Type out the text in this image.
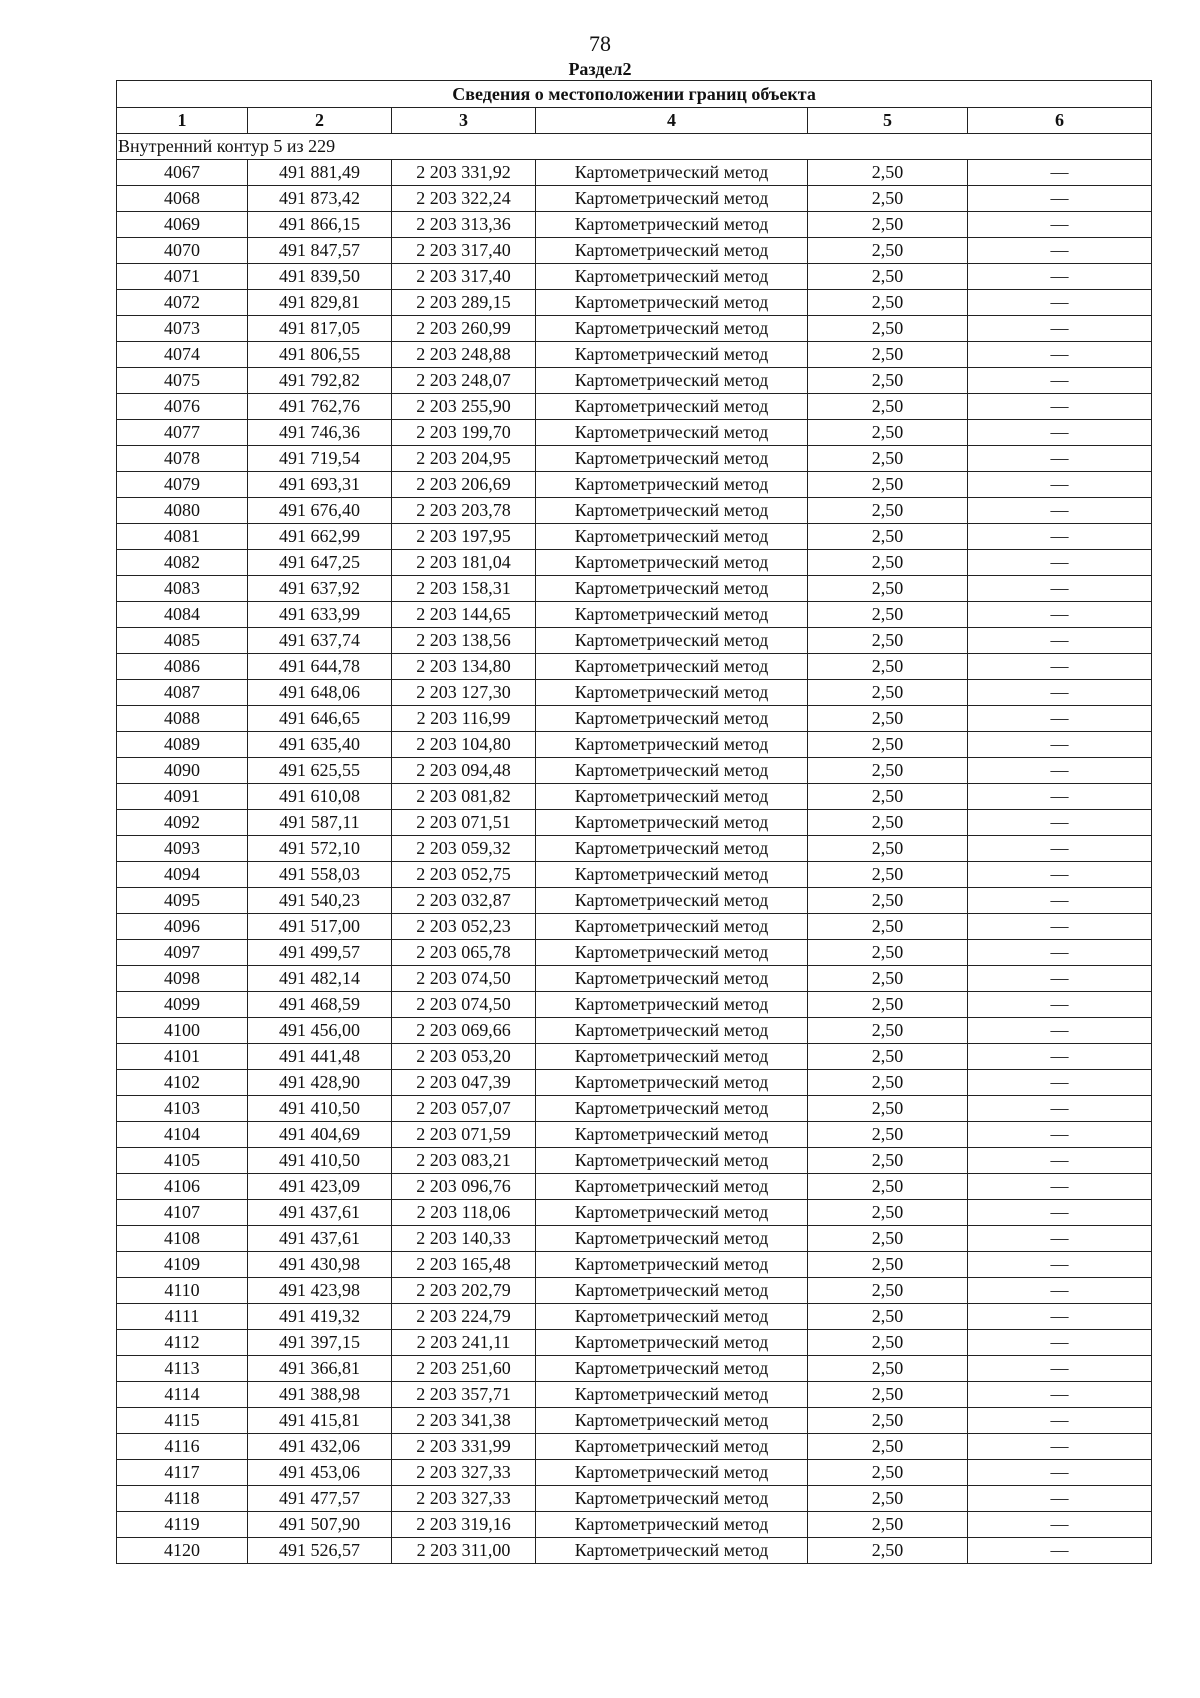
78
Раздел2
Сведения о местоположении границ объекта					
1	2	3	4	5	6
Внутренний контур 5 из 229					
4067	491 881,49	2 203 331,92	Картометрический метод	2,50	—
4068	491 873,42	2 203 322,24	Картометрический метод	2,50	—
4069	491 866,15	2 203 313,36	Картометрический метод	2,50	—
4070	491 847,57	2 203 317,40	Картометрический метод	2,50	—
4071	491 839,50	2 203 317,40	Картометрический метод	2,50	—
4072	491 829,81	2 203 289,15	Картометрический метод	2,50	—
4073	491 817,05	2 203 260,99	Картометрический метод	2,50	—
4074	491 806,55	2 203 248,88	Картометрический метод	2,50	—
4075	491 792,82	2 203 248,07	Картометрический метод	2,50	—
4076	491 762,76	2 203 255,90	Картометрический метод	2,50	—
4077	491 746,36	2 203 199,70	Картометрический метод	2,50	—
4078	491 719,54	2 203 204,95	Картометрический метод	2,50	—
4079	491 693,31	2 203 206,69	Картометрический метод	2,50	—
4080	491 676,40	2 203 203,78	Картометрический метод	2,50	—
4081	491 662,99	2 203 197,95	Картометрический метод	2,50	—
4082	491 647,25	2 203 181,04	Картометрический метод	2,50	—
4083	491 637,92	2 203 158,31	Картометрический метод	2,50	—
4084	491 633,99	2 203 144,65	Картометрический метод	2,50	—
4085	491 637,74	2 203 138,56	Картометрический метод	2,50	—
4086	491 644,78	2 203 134,80	Картометрический метод	2,50	—
4087	491 648,06	2 203 127,30	Картометрический метод	2,50	—
4088	491 646,65	2 203 116,99	Картометрический метод	2,50	—
4089	491 635,40	2 203 104,80	Картометрический метод	2,50	—
4090	491 625,55	2 203 094,48	Картометрический метод	2,50	—
4091	491 610,08	2 203 081,82	Картометрический метод	2,50	—
4092	491 587,11	2 203 071,51	Картометрический метод	2,50	—
4093	491 572,10	2 203 059,32	Картометрический метод	2,50	—
4094	491 558,03	2 203 052,75	Картометрический метод	2,50	—
4095	491 540,23	2 203 032,87	Картометрический метод	2,50	—
4096	491 517,00	2 203 052,23	Картометрический метод	2,50	—
4097	491 499,57	2 203 065,78	Картометрический метод	2,50	—
4098	491 482,14	2 203 074,50	Картометрический метод	2,50	—
4099	491 468,59	2 203 074,50	Картометрический метод	2,50	—
4100	491 456,00	2 203 069,66	Картометрический метод	2,50	—
4101	491 441,48	2 203 053,20	Картометрический метод	2,50	—
4102	491 428,90	2 203 047,39	Картометрический метод	2,50	—
4103	491 410,50	2 203 057,07	Картометрический метод	2,50	—
4104	491 404,69	2 203 071,59	Картометрический метод	2,50	—
4105	491 410,50	2 203 083,21	Картометрический метод	2,50	—
4106	491 423,09	2 203 096,76	Картометрический метод	2,50	—
4107	491 437,61	2 203 118,06	Картометрический метод	2,50	—
4108	491 437,61	2 203 140,33	Картометрический метод	2,50	—
4109	491 430,98	2 203 165,48	Картометрический метод	2,50	—
4110	491 423,98	2 203 202,79	Картометрический метод	2,50	—
4111	491 419,32	2 203 224,79	Картометрический метод	2,50	—
4112	491 397,15	2 203 241,11	Картометрический метод	2,50	—
4113	491 366,81	2 203 251,60	Картометрический метод	2,50	—
4114	491 388,98	2 203 357,71	Картометрический метод	2,50	—
4115	491 415,81	2 203 341,38	Картометрический метод	2,50	—
4116	491 432,06	2 203 331,99	Картометрический метод	2,50	—
4117	491 453,06	2 203 327,33	Картометрический метод	2,50	—
4118	491 477,57	2 203 327,33	Картометрический метод	2,50	—
4119	491 507,90	2 203 319,16	Картометрический метод	2,50	—
4120	491 526,57	2 203 311,00	Картометрический метод	2,50	—
